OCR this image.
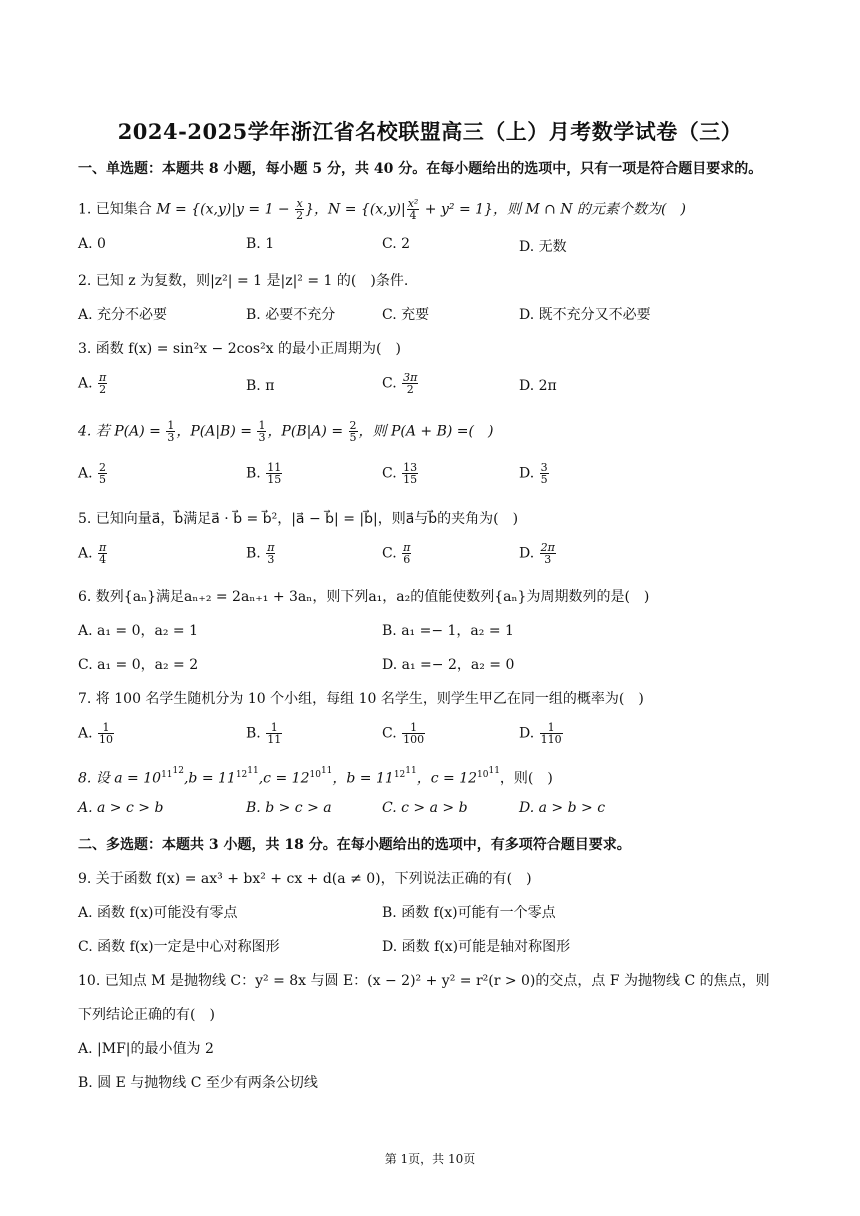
2024-2025学年浙江省名校联盟高三（上）月考数学试卷（三）
一、单选题：本题共 8 小题，每小题 5 分，共 40 分。在每小题给出的选项中，只有一项是符合题目要求的。
1. 已知集合 $M = \{(x,y)|y = 1 - \frac{x}{2}$ }，$N = \{(x,y)| \frac{\text{x²}}{4} + y^2 = 1\}$，则 M ∩ N 的元素个数为(　)
A. 0	B. 1	C. 2	D. 无数
2. 已知 z 为复数，则|z²| = 1 是|z|² = 1 的(　)条件.
A. 充分不必要	B. 必要不充分	C. 充要	D. 既不充分又不必要
3. 函数 f(x) = sin²x − 2cos²x 的最小正周期为(　)
A. $\frac{\pi}{2}$	B. π	C. $\frac{3\pi}{2}$	D. 2π
4. 若 $P(A) = \frac{1}{3}$ ，$P(A|B) = \frac{1}{3}$ ，$P(B|A) = \frac{2}{5}$ ，则 P(A + B) =(　)
A. $\frac{2}{5}$	B. $\frac{11}{15}$	C. $\frac{13}{15}$	D. $\frac{3}{5}$
5. 已知向量a⃗，b⃗满足a⃗ · b⃗ = b⃗²，|a⃗ − b⃗| = |b⃗|，则a⃗与b⃗的夹角为(　)
A. $\frac{\pi}{4}$	B. $\frac{\pi}{3}$	C. $\frac{\pi}{6}$	D. $\frac{2\pi}{3}$
6. 数列{aₙ}满足aₙ₊₂ = 2aₙ₊₁ + 3aₙ，则下列a₁，a₂的值能使数列{aₙ}为周期数列的是(　)
A. a₁ = 0，a₂ = 1	B. a₁ =− 1，a₂ = 1
C. a₁ = 0，a₂ = 2	D. a₁ =− 2，a₂ = 0
7. 将 100 名学生随机分为 10 个小组，每组 10 名学生，则学生甲乙在同一组的概率为(　)
A. $\frac{1}{10}$	B. $\frac{1}{11}$	C. $\frac{1}{100}$	D. $\frac{1}{110}$
8. 设 $a = 10^{11^{12}},b = 11^{12^{11}},c = 12^{10^{11}}$，$b = 11^{12^{11}}$，$c = 12^{10^{11}}$，则(　)
A. a > c > b	B. b > c > a	C. c > a > b	D. a > b > c
二、多选题：本题共 3 小题，共 18 分。在每小题给出的选项中，有多项符合题目要求。
9. 关于函数 f(x) = ax³ + bx² + cx + d(a ≠ 0)，下列说法正确的有(　)
A. 函数 f(x)可能没有零点	B. 函数 f(x)可能有一个零点
C. 函数 f(x)一定是中心对称图形	D. 函数 f(x)可能是轴对称图形
10. 已知点 M 是抛物线 C：y² = 8x 与圆 E：(x − 2)² + y² = r²(r > 0)的交点，点 F 为抛物线 C 的焦点，则
下列结论正确的有(　)
A. |MF|的最小值为 2
B. 圆 E 与抛物线 C 至少有两条公切线
第 1页，共 10页
